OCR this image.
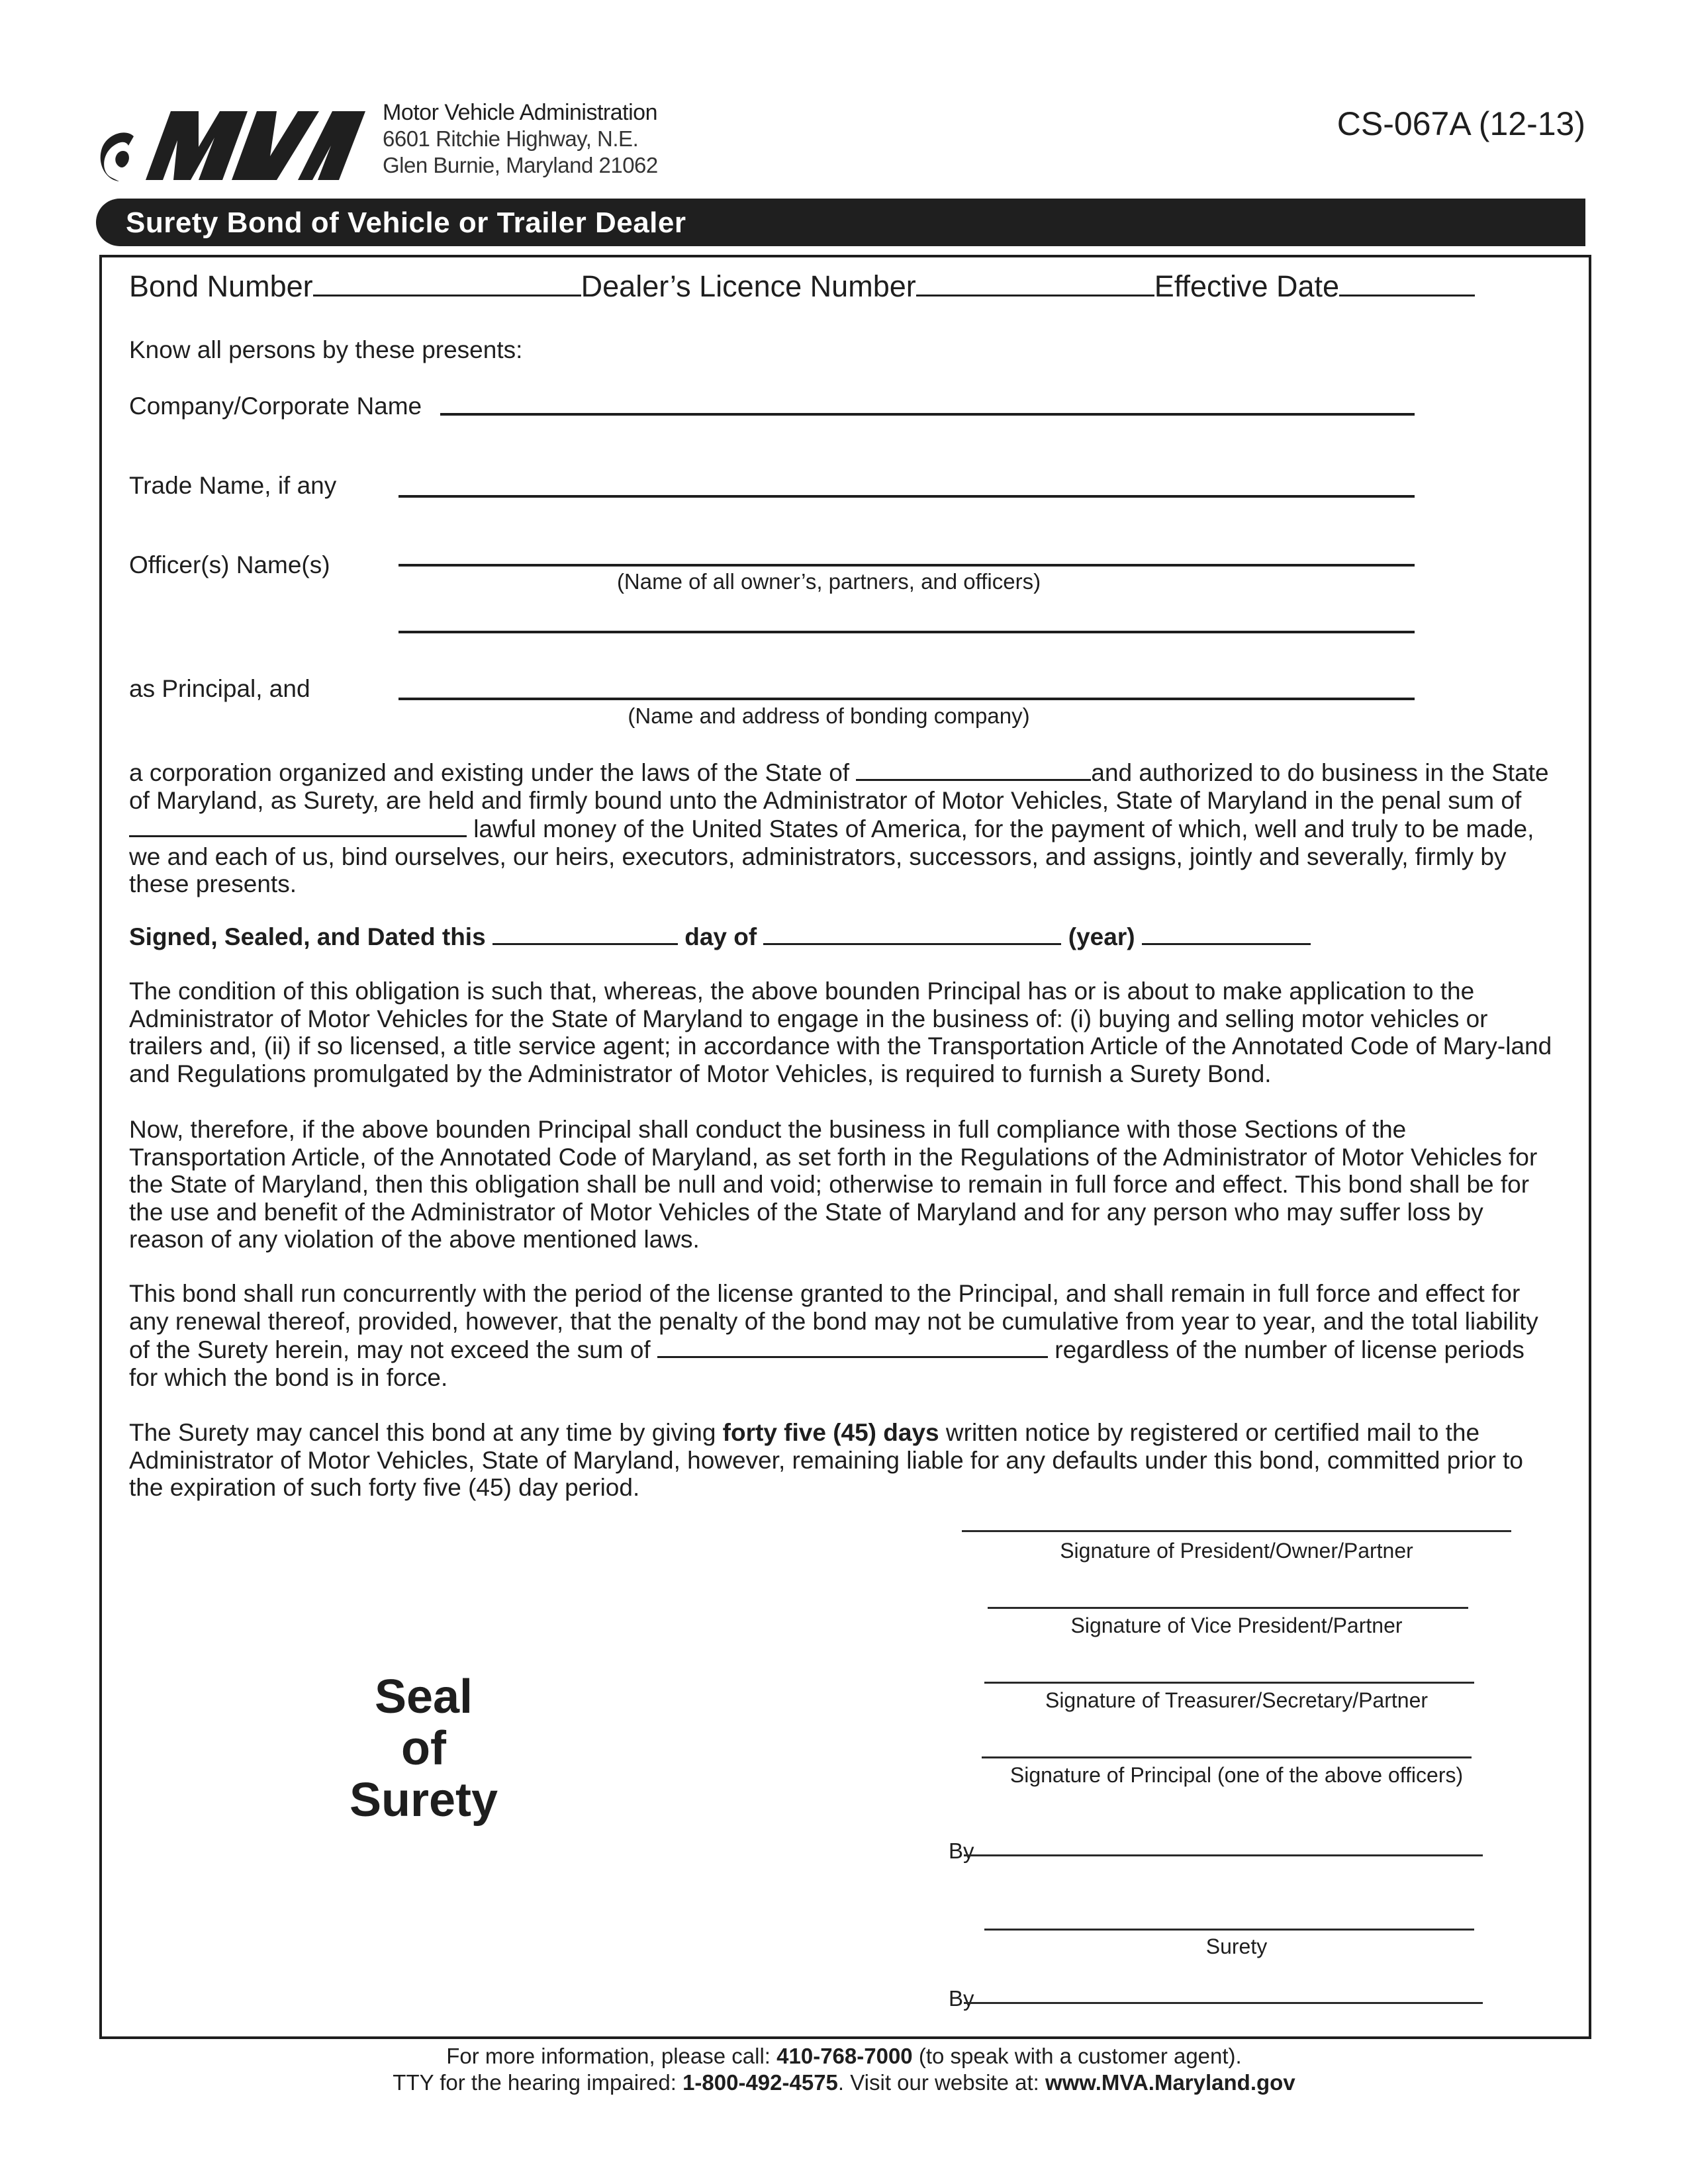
Motor Vehicle Administration
6601 Ritchie Highway, N.E.
Glen Burnie, Maryland 21062
CS-067A (12-13)
Surety Bond of Vehicle or Trailer Dealer
Bond Number	Dealer’s Licence Number	Effective Date
Know all persons by these presents:
Company/Corporate Name
Trade Name, if any
Officer(s) Name(s)
(Name of all owner’s, partners, and officers)
as Principal, and
(Name and address of bonding company)
a corporation organized and existing under the laws of the State of	and authorized to do business in the State of Maryland, as Surety, are held and firmly bound unto the Administrator of Motor Vehicles, State of Maryland in the penal sum of  lawful money of the United States of America, for the payment of which, well and truly to be made, we and each of us, bind ourselves, our heirs, executors, administrators, successors, and assigns, jointly and severally, firmly by these presents.
Signed, Sealed, and Dated this	day of	(year)
The condition of this obligation is such that, whereas, the above bounden Principal has or is about to make application to the Administrator of Motor Vehicles for the State of Maryland to engage in the business of: (i) buying and selling motor vehicles or trailers and, (ii) if so licensed, a title service agent; in accordance with the Transportation Article of the Annotated Code of Mary-land and Regulations promulgated by the Administrator of Motor Vehicles, is required to furnish a Surety Bond.
Now, therefore, if the above bounden Principal shall conduct the business in full compliance with those Sections of the Transportation Article, of the Annotated Code of Maryland, as set forth in the Regulations of the Administrator of Motor Vehicles for the State of Maryland, then this obligation shall be null and void; otherwise to remain in full force and effect. This bond shall be for the use and benefit of the Administrator of Motor Vehicles of the State of Maryland and for any person who may suffer loss by reason of any violation of the above mentioned laws.
This bond shall run concurrently with the period of the license granted to the Principal, and shall remain in full force and effect for any renewal thereof, provided, however, that the penalty of the bond may not be cumulative from year to year, and the total liability of the Surety herein, may not exceed the sum of	regardless of the number of license periods for which the bond is in force.
The Surety may cancel this bond at any time by giving forty five (45) days written notice by registered or certified mail to the Administrator of Motor Vehicles, State of Maryland, however, remaining liable for any defaults under this bond, committed prior to the expiration of such forty five (45) day period.
Seal
of
Surety
Signature of President/Owner/Partner
Signature of Vice President/Partner
Signature of Treasurer/Secretary/Partner
Signature of Principal (one of the above officers)
By
Surety
By
For more information, please call: 410-768-7000 (to speak with a customer agent).
TTY for the hearing impaired: 1-800-492-4575. Visit our website at: www.MVA.Maryland.gov
